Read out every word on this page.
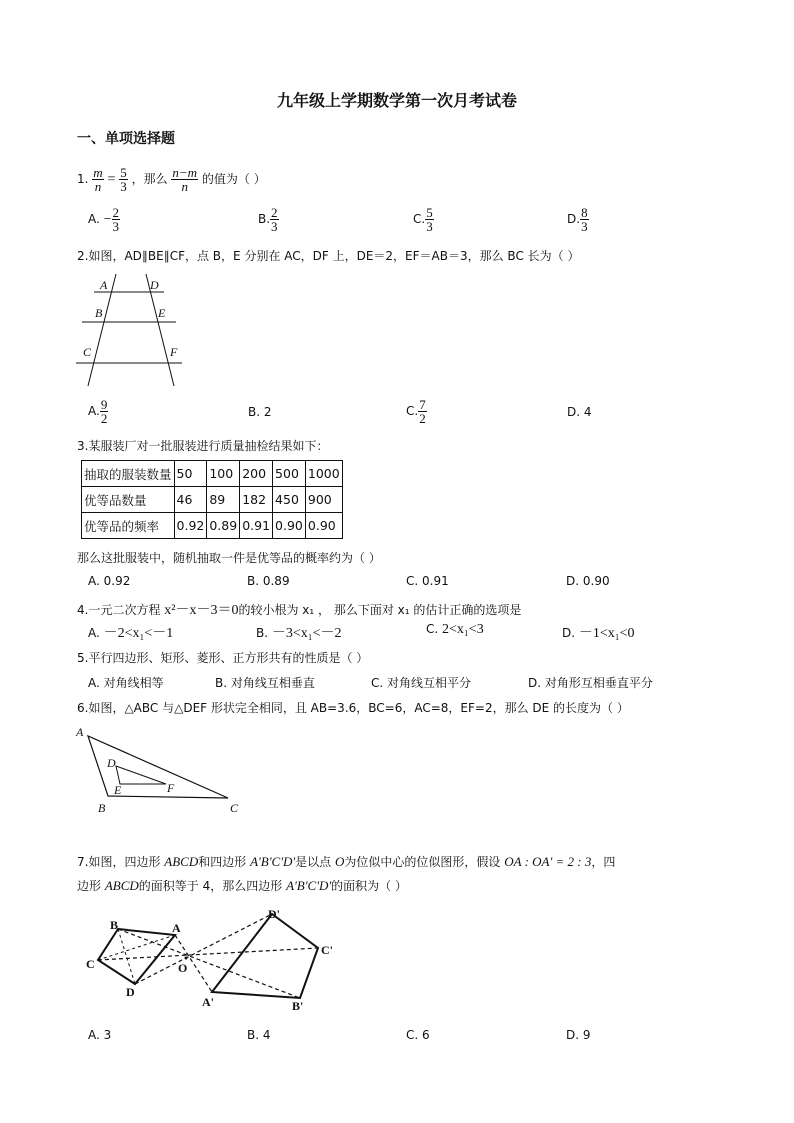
九年级上学期数学第一次月考试卷
一、单项选择题
1. $\frac{m}{n} = \frac{5}{3}$ ，那么 $\frac{n-m}{n}$ 的值为（ ）
A. − $\frac{2}{3}$	B. $\frac{2}{3}$	C. $\frac{5}{3}$	D. $\frac{8}{3}$
2.如图，AD∥BE∥CF，点 B，E 分别在 AC，DF 上，DE＝2，EF＝AB＝3，那么 BC 长为（ ）
A	D
B	E
C	F
A. $\frac{9}{2}$	B. 2	C. $\frac{7}{2}$	D. 4
3.某服装厂对一批服装进行质量抽检结果如下：
抽取的服装数量	50	100	200	500	1000
优等品数量	46	89	182	450	900
优等品的频率	0.92	0.89	0.91	0.90	0.90
那么这批服装中，随机抽取一件是优等品的概率约为（ ）
A. 0.92	B. 0.89	C. 0.91	D. 0.90
4.一元二次方程 x²－x－3＝0的较小根为 x₁ ， 那么下面对 x₁ 的估计正确的选项是
A. －2<x₁<－1	B. －3<x₁<－2	C. 2<x₁<3	D. －1<x₁<0
5.平行四边形、矩形、菱形、正方形共有的性质是（ ）
A. 对角线相等	B. 对角线互相垂直	C. 对角线互相平分	D. 对角形互相垂直平分
6.如图，△ABC 与△DEF 形状完全相同，且 AB=3.6，BC=6，AC=8，EF=2，那么 DE 的长度为（ ）
A
B	C
D
E	F
7.如图，四边形 ABCD和四边形 A'B'C'D'是以点 O为位似中心的位似图形，假设 OA : OA' = 2 : 3，四
边形 ABCD的面积等于 4，那么四边形 A'B'C'D'的面积为（ ）
B	A
C
D
O
A'	B'
C'
D'
A. 3	B. 4	C. 6	D. 9
